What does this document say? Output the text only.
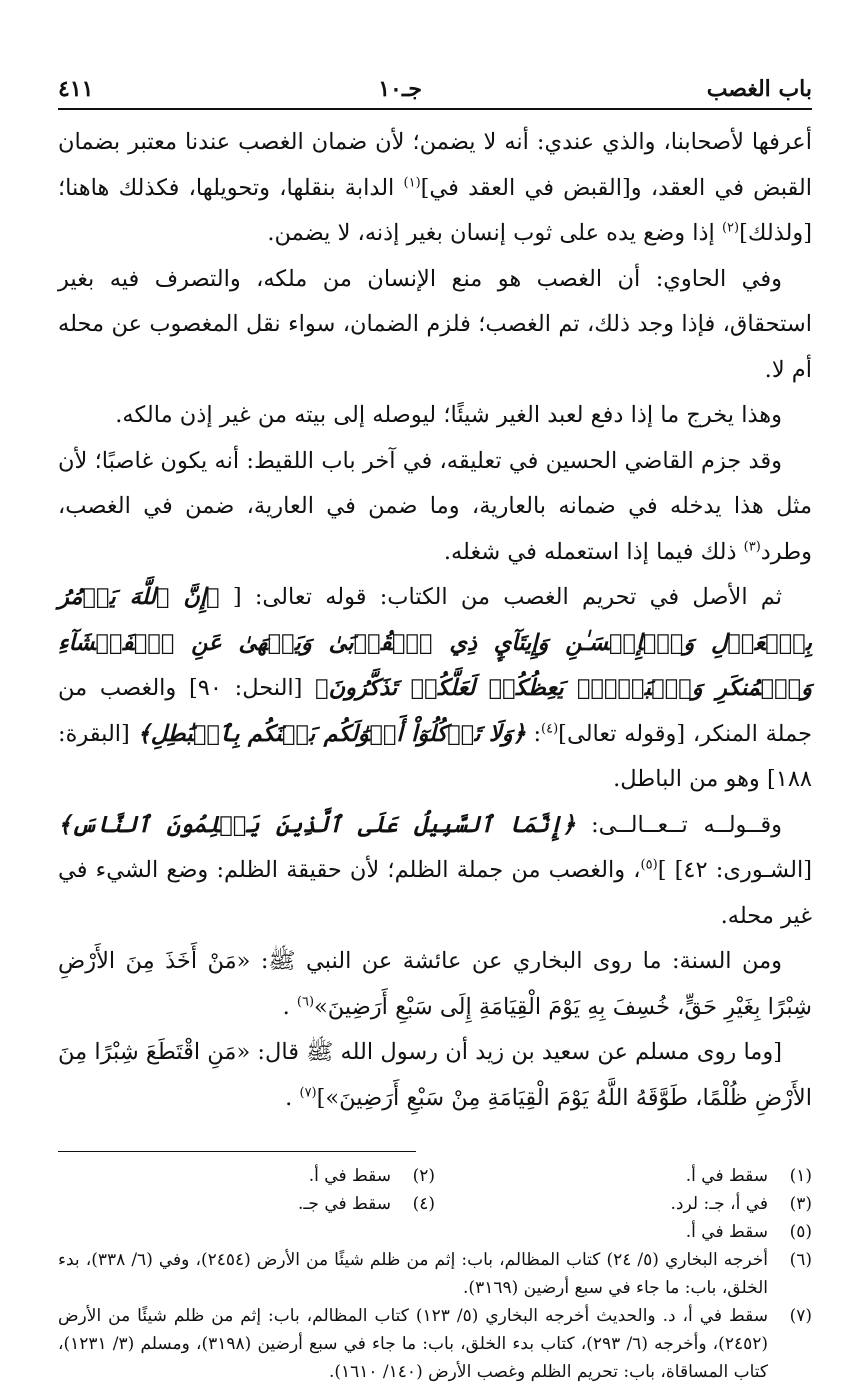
باب الغصب
جـ١٠
٤١١

أعرفها لأصحابنا، والذي عندي: أنه لا يضمن؛ لأن ضمان الغصب عندنا معتبر بضمان القبض في العقد، و[القبض في العقد في]$^{(١)}$ الدابة بنقلها، وتحويلها، فكذلك هاهنا؛ [ولذلك]$^{(٢)}$ إذا وضع يده على ثوب إنسان بغير إذنه، لا يضمن.

وفي الحاوي: أن الغصب هو منع الإنسان من ملكه، والتصرف فيه بغير استحقاق، فإذا وجد ذلك، تم الغصب؛ فلزم الضمان، سواء نقل المغصوب عن محله أم لا.

وهذا يخرج ما إذا دفع لعبد الغير شيئًا؛ ليوصله إلى بيته من غير إذن مالكه.

وقد جزم القاضي الحسين في تعليقه، في آخر باب اللقيط: أنه يكون غاصبًا؛ لأن مثل هذا يدخله في ضمانه بالعارية، وما ضمن في العارية، ضمن في الغصب، وطرد$^{(٣)}$ ذلك فيما إذا استعمله في شغله.

ثم الأصل في تحريم الغصب من الكتاب: قوله تعالى: [ ﴿إِنَّ ٱللَّهَ يَأۡمُرُ بِٱلۡعَدۡلِ وَٱلۡإِحۡسَـٰنِ وَإِيتَآيِٕ ذِي ٱلۡقُرۡبَىٰ وَيَنۡهَىٰ عَنِ ٱلۡفَحۡشَآءِ وَٱلۡمُنكَرِ وَٱلۡبَغۡيِۚ يَعِظُكُمۡ لَعَلَّكُمۡ تَذَكَّرُونَ﴾ [النحل: ٩٠] والغصب من جملة المنكر، [وقوله تعالى]$^{(٤)}$: ﴿وَلَا تَأۡكُلُوٓاْ أَمۡوَٰلَكُم بَيۡنَكُم بِٱلۡبَٰطِلِ﴾ [البقرة: ١٨٨] وهو من الباطل.

وقــولــه تــعــالــى: ﴿إِنَّمَا ٱلسَّبِيلُ عَلَى ٱلَّذِينَ يَظۡلِمُونَ ٱلنَّاسَ﴾ [الشـورى: ٤٢] ]$^{(٥)}$، والغصب من جملة الظلم؛ لأن حقيقة الظلم: وضع الشيء في غير محله.

ومن السنة: ما روى البخاري عن عائشة عن النبي ﷺ: «مَنْ أَخَذَ مِنَ الأَرْضِ شِبْرًا بِغَيْرِ حَقٍّ، خُسِفَ بِهِ يَوْمَ الْقِيَامَةِ إِلَى سَبْعِ أَرَضِينَ»$^{(٦)}$ .

[وما روى مسلم عن سعيد بن زيد أن رسول الله ﷺ قال: «مَنِ اقْتَطَعَ شِبْرًا مِنَ الأَرْضِ ظُلْمًا، طَوَّقَهُ اللَّهُ يَوْمَ الْقِيَامَةِ مِنْ سَبْعِ أَرَضِينَ»]$^{(٧)}$ .

(١)
سقط في أ.
(٢)
سقط في أ.
(٣)
في أ، جـ: لرد.
(٤)
سقط في جـ.
(٥)
سقط في أ.
(٦)
أخرجه البخاري (٥/ ٢٤) كتاب المظالم، باب: إثم من ظلم شيئًا من الأرض (٢٤٥٤)، وفي (٦/ ٣٣٨)، بدء الخلق، باب: ما جاء في سبع أرضين (٣١٦٩).
(٧)
سقط في أ، د. والحديث أخرجه البخاري (٥/ ١٢٣) كتاب المظالم، باب: إثم من ظلم شيئًا من الأرض (٢٤٥٢)، وأخرجه (٦/ ٢٩٣)، كتاب بدء الخلق، باب: ما جاء في سبع أرضين (٣١٩٨)، ومسلم (٣/ ١٢٣١)، كتاب المساقاة، باب: تحريم الظلم وغصب الأرض (١٤٠/ ١٦١٠).
